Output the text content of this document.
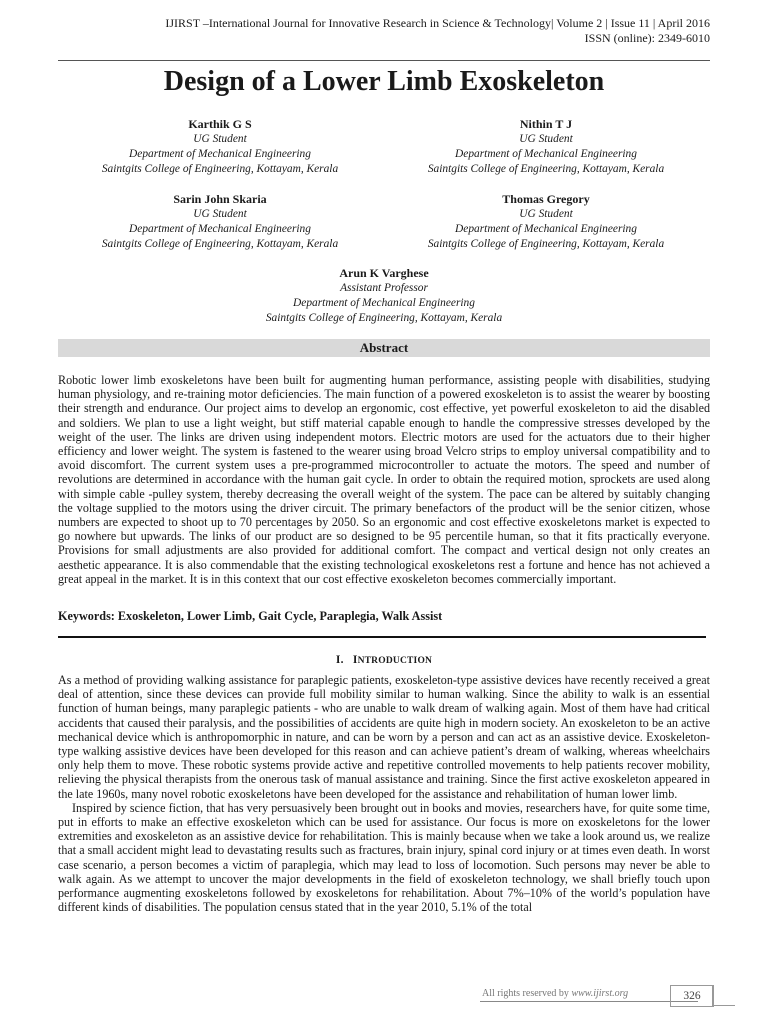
IJIRST –International Journal for Innovative Research in Science & Technology| Volume 2 | Issue 11 | April 2016
ISSN (online): 2349-6010
Design of a Lower Limb Exoskeleton
Karthik G S
UG Student
Department of Mechanical Engineering
Saintgits College of Engineering, Kottayam, Kerala
Nithin T J
UG Student
Department of Mechanical Engineering
Saintgits College of Engineering, Kottayam, Kerala
Sarin John Skaria
UG Student
Department of Mechanical Engineering
Saintgits College of Engineering, Kottayam, Kerala
Thomas Gregory
UG Student
Department of Mechanical Engineering
Saintgits College of Engineering, Kottayam, Kerala
Arun K Varghese
Assistant Professor
Department of Mechanical Engineering
Saintgits College of Engineering, Kottayam, Kerala
Abstract
Robotic lower limb exoskeletons have been built for augmenting human performance, assisting people with disabilities, studying human physiology, and re-training motor deficiencies. The main function of a powered exoskeleton is to assist the wearer by boosting their strength and endurance. Our project aims to develop an ergonomic, cost effective, yet powerful exoskeleton to aid the disabled and soldiers. We plan to use a light weight, but stiff material capable enough to handle the compressive stresses developed by the weight of the user. The links are driven using independent motors. Electric motors are used for the actuators due to their higher efficiency and lower weight. The system is fastened to the wearer using broad Velcro strips to employ universal compatibility and to avoid discomfort. The current system uses a pre-programmed microcontroller to actuate the motors. The speed and number of revolutions are determined in accordance with the human gait cycle. In order to obtain the required motion, sprockets are used along with simple cable -pulley system, thereby decreasing the overall weight of the system. The pace can be altered by suitably changing the voltage supplied to the motors using the driver circuit. The primary benefactors of the product will be the senior citizen, whose numbers are expected to shoot up to 70 percentages by 2050. So an ergonomic and cost effective exoskeletons market is expected to go nowhere but upwards. The links of our product are so designed to be 95 percentile human, so that it fits practically everyone. Provisions for small adjustments are also provided for additional comfort. The compact and vertical design not only creates an aesthetic appearance. It is also commendable that the existing technological exoskeletons rest a fortune and hence has not achieved a great appeal in the market. It is in this context that our cost effective exoskeleton becomes commercially important.
Keywords: Exoskeleton, Lower Limb, Gait Cycle, Paraplegia, Walk Assist
I. INTRODUCTION

As a method of providing walking assistance for paraplegic patients, exoskeleton-type assistive devices have recently received a great deal of attention, since these devices can provide full mobility similar to human walking. Since the ability to walk is an essential function of human beings, many paraplegic patients - who are unable to walk dream of walking again. Most of them have had critical accidents that caused their paralysis, and the possibilities of accidents are quite high in modern society. An exoskeleton to be an active mechanical device which is anthropomorphic in nature, and can be worn by a person and can act as an assistive device. Exoskeleton-type walking assistive devices have been developed for this reason and can achieve patient’s dream of walking, whereas wheelchairs only help them to move. These robotic systems provide active and repetitive controlled movements to help patients recover mobility, relieving the physical therapists from the onerous task of manual assistance and training. Since the first active exoskeleton appeared in the late 1960s, many novel robotic exoskeletons have been developed for the assistance and rehabilitation of human lower limb.

Inspired by science fiction, that has very persuasively been brought out in books and movies, researchers have, for quite some time, put in efforts to make an effective exoskeleton which can be used for assistance. Our focus is more on exoskeletons for the lower extremities and exoskeleton as an assistive device for rehabilitation. This is mainly because when we take a look around us, we realize that a small accident might lead to devastating results such as fractures, brain injury, spinal cord injury or at times even death. In worst case scenario, a person becomes a victim of paraplegia, which may lead to loss of locomotion. Such persons may never be able to walk again. As we attempt to uncover the major developments in the field of exoskeleton technology, we shall briefly touch upon performance augmenting exoskeletons followed by exoskeletons for rehabilitation. About 7%–10% of the world’s population have different kinds of disabilities. The population census stated that in the year 2010, 5.1% of the total

All rights reserved by www.ijirst.org	326
